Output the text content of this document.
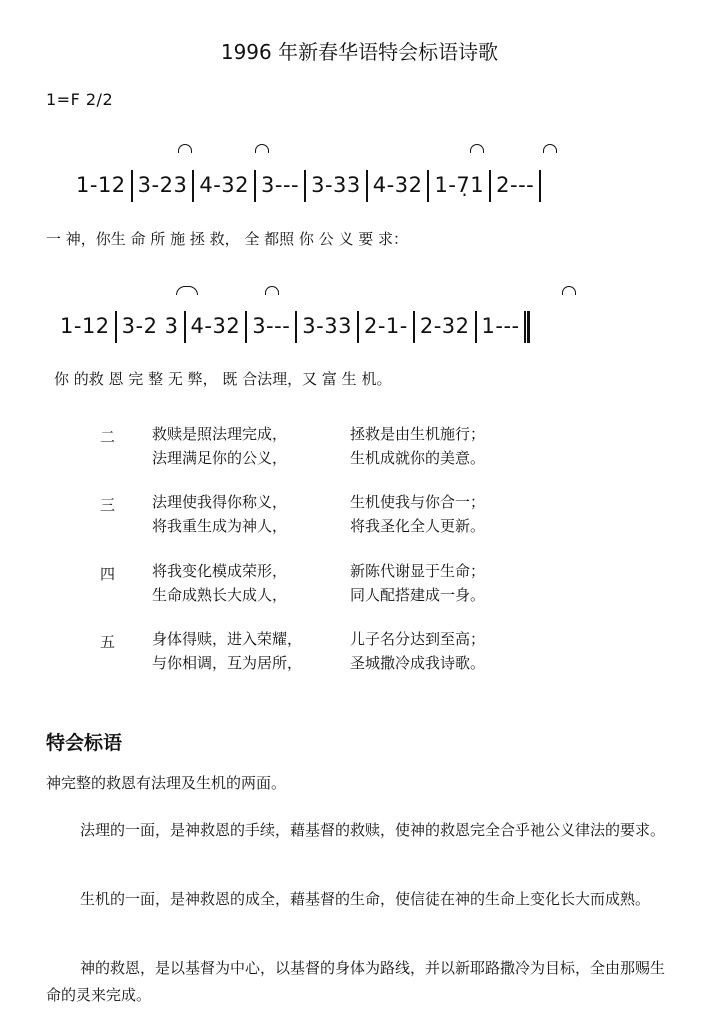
1996 年新春华语特会标语诗歌
1=F 2/2
1-12 3-23 4-32 3--- 3-33 4-32 1-7̣1 2---
一 神，你生 命 所 施 拯 救， 全 都照 你 公 义 要 求：
1-12 3-2 3 4-32 3--- 3-33 2-1- 2-32 1---
你 的救 恩 完 整 无 弊， 既 合法理，又 富 生 机。
二 救赎是照法理完成，	拯救是由生机施行；
法理满足你的公义，	生机成就你的美意。
三 法理使我得你称义，	生机使我与你合一；
将我重生成为神人，	将我圣化全人更新。
四 将我变化模成荣形，	新陈代谢显于生命；
生命成熟长大成人，	同人配搭建成一身。
五 身体得赎，进入荣耀，	儿子名分达到至高；
与你相调，互为居所，	圣城撒冷成我诗歌。
特会标语
神完整的救恩有法理及生机的两面。
法理的一面，是神救恩的手续，藉基督的救赎，使神的救恩完全合乎祂公义律法的要求。
生机的一面，是神救恩的成全，藉基督的生命，使信徒在神的生命上变化长大而成熟。
神的救恩，是以基督为中心，以基督的身体为路线，并以新耶路撒冷为目标，全由那赐生命的灵来完成。
